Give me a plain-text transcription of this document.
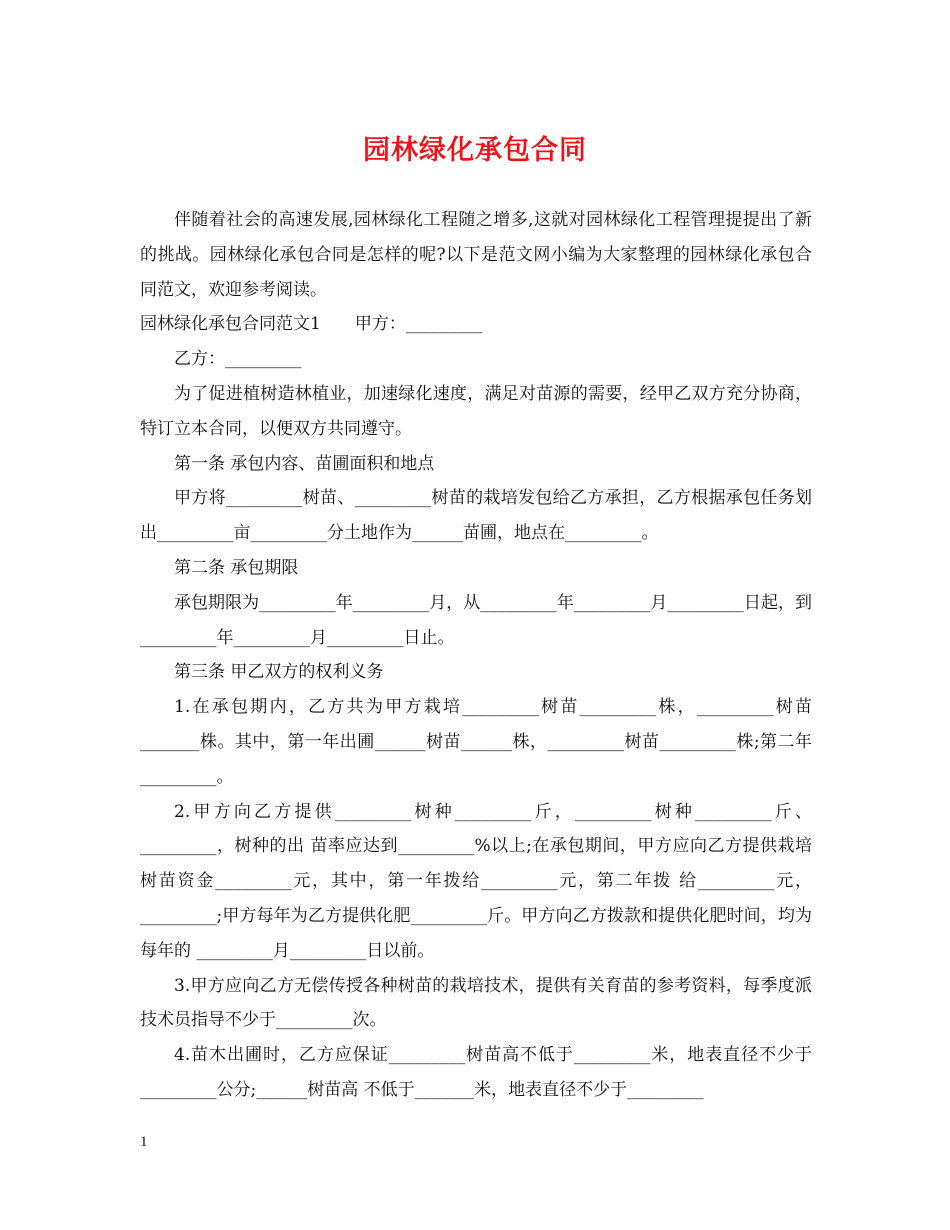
园林绿化承包合同

伴随着社会的高速发展,园林绿化工程随之增多,这就对园林绿化工程管理提提出了新的挑战。园林绿化承包合同是怎样的呢?以下是范文网小编为大家整理的园林绿化承包合同范文，欢迎参考阅读。

园林绿化承包合同范文1　　甲方：_________

乙方：_________

为了促进植树造林植业，加速绿化速度，满足对苗源的需要，经甲乙双方充分协商，特订立本合同，以便双方共同遵守。

第一条 承包内容、苗圃面积和地点

甲方将_________树苗、_________树苗的栽培发包给乙方承担，乙方根据承包任务划出_________亩_________分土地作为______苗圃，地点在_________。

第二条 承包期限

承包期限为_________年_________月，从_________年_________月_________日起，到_________年_________月_________日止。

第三条 甲乙双方的权利义务

1.在承包期内，乙方共为甲方栽培_________树苗_________株，_________树苗_______株。其中，第一年出圃______树苗______株，_________树苗_________株;第二年_________。

2.甲方向乙方提供_________树种_________斤，_________树种_________斤、_________，树种的出 苗率应达到_________%以上;在承包期间，甲方应向乙方提供栽培树苗资金_________元，其中，第一年拨给_________元，第二年拨 给_________元，_________;甲方每年为乙方提供化肥_________斤。甲方向乙方拨款和提供化肥时间，均为每年的 _________月_________日以前。

3.甲方应向乙方无偿传授各种树苗的栽培技术，提供有关育苗的参考资料，每季度派技术员指导不少于_________次。

4.苗木出圃时，乙方应保证_________树苗高不低于_________米，地表直径不少于_________公分;______树苗高 不低于_______米，地表直径不少于_________

1
